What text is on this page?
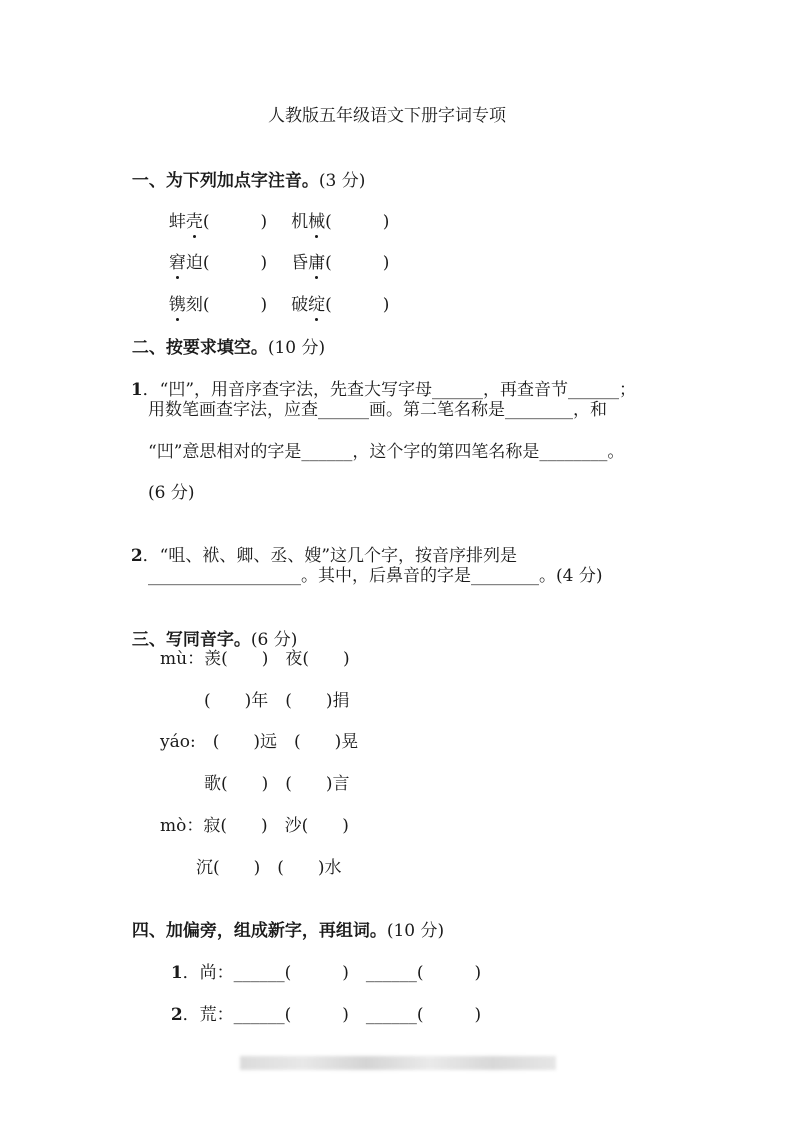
人教版五年级语文下册字词专项

一、为下列加点字注音。(3 分)

蚌壳(　　　) 机械(　　　)

窘迫(　　　) 昏庸(　　　)

镌刻(　　　) 破绽(　　　)

二、按要求填空。(10 分)

1．“凹”，用音序查字法，先查大写字母______，再查音节______；

用数笔画查字法，应查______画。第二笔名称是________，和
“凹”意思相对的字是______，这个字的第四笔名称是________。
(6 分)

2．“咀、袱、卿、丞、嫂”这几个字，按音序排列是

__________________。其中，后鼻音的字是________。(4 分)

三、写同音字。(6 分)

mù：羡(　　)　夜(　　)
(　　)年　(　　)捐
yáo:　(　　)远　(　　)晃
歌(　　)　(　　)言
mò：寂(　　)　沙(　　)
沉(　　)　(　　)水

四、加偏旁，组成新字，再组词。(10 分)

1．尚：______(　　　)　______(　　　)

2．荒：______(　　　)　______(　　　)
